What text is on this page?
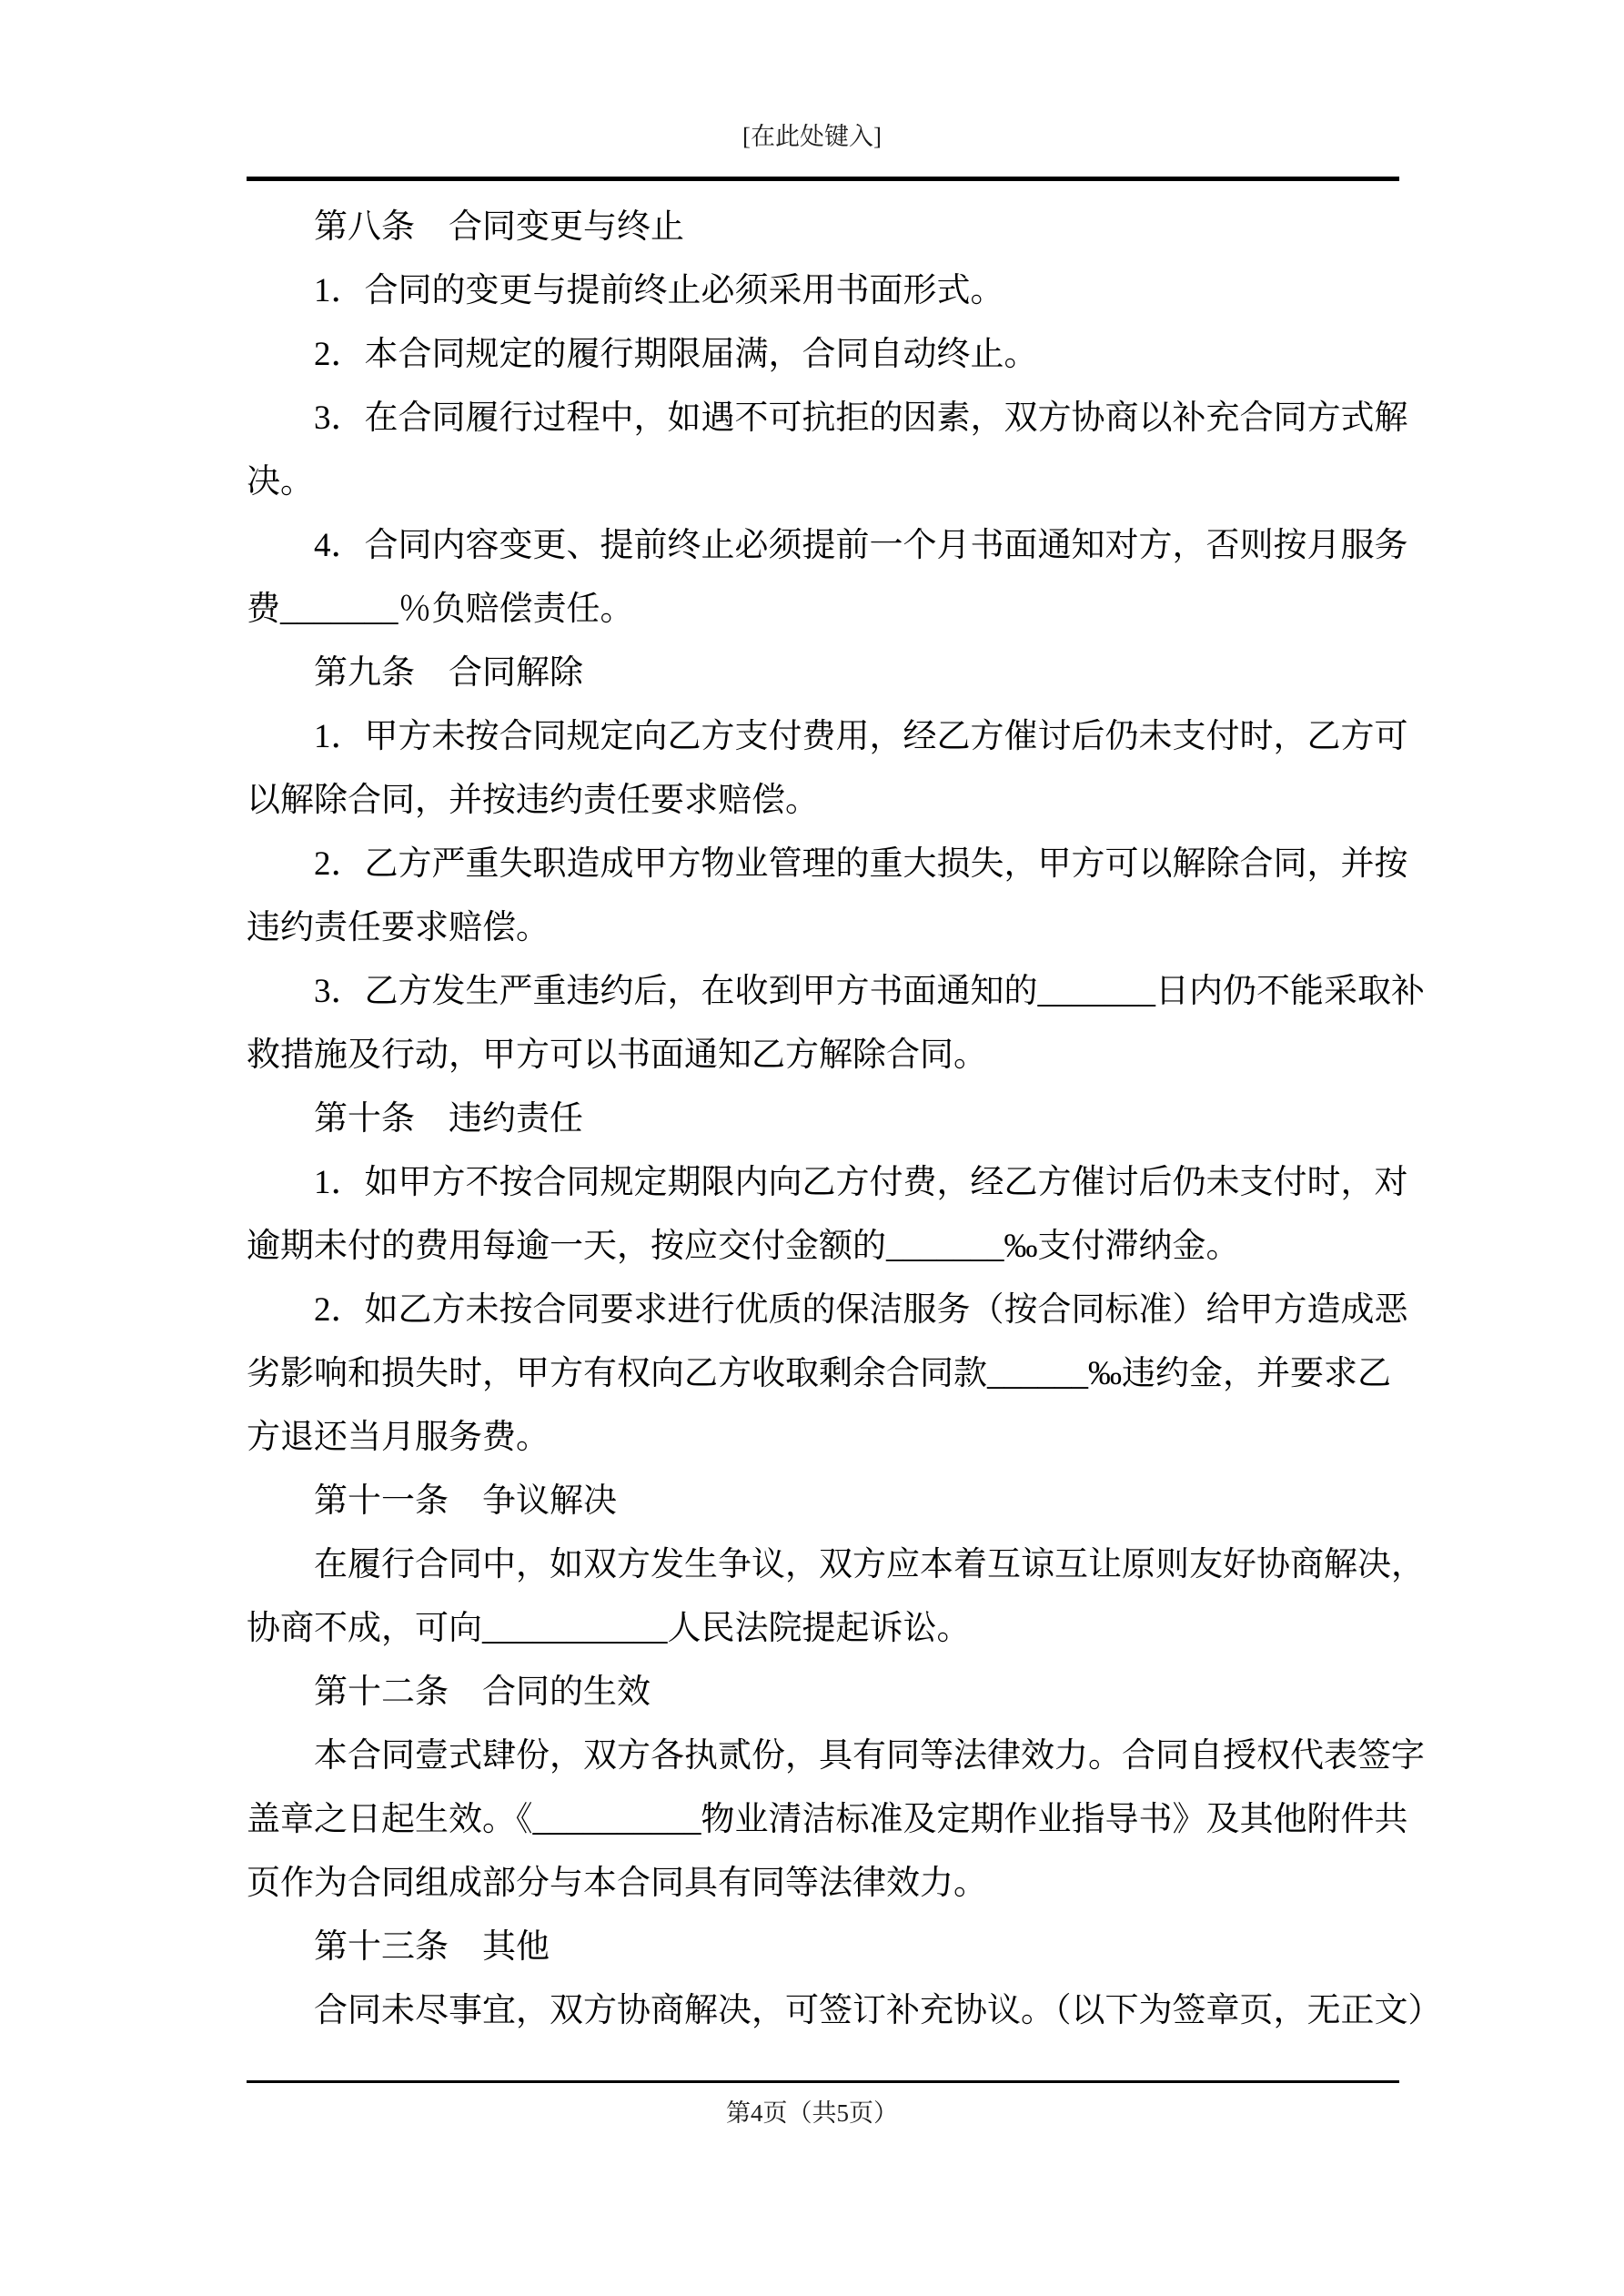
[在此处键入]
第八条　合同变更与终止
1．合同的变更与提前终止必须采用书面形式。
2．本合同规定的履行期限届满，合同自动终止。
3．在合同履行过程中，如遇不可抗拒的因素，双方协商以补充合同方式解
决。
4．合同内容变更、提前终止必须提前一个月书面通知对方，否则按月服务
费_______％负赔偿责任。
第九条　合同解除
1．甲方未按合同规定向乙方支付费用，经乙方催讨后仍未支付时，乙方可
以解除合同，并按违约责任要求赔偿。
2．乙方严重失职造成甲方物业管理的重大损失，甲方可以解除合同，并按
违约责任要求赔偿。
3．乙方发生严重违约后，在收到甲方书面通知的_______日内仍不能采取补
救措施及行动，甲方可以书面通知乙方解除合同。
第十条　违约责任
1．如甲方不按合同规定期限内向乙方付费，经乙方催讨后仍未支付时，对
逾期未付的费用每逾一天，按应交付金额的_______‰支付滞纳金。
2．如乙方未按合同要求进行优质的保洁服务（按合同标准）给甲方造成恶
劣影响和损失时，甲方有权向乙方收取剩余合同款______‰违约金，并要求乙
方退还当月服务费。
第十一条　争议解决
在履行合同中，如双方发生争议，双方应本着互谅互让原则友好协商解决，
协商不成，可向___________人民法院提起诉讼。
第十二条　合同的生效
本合同壹式肆份，双方各执贰份，具有同等法律效力。合同自授权代表签字
盖章之日起生效。《__________物业清洁标准及定期作业指导书》及其他附件共
页作为合同组成部分与本合同具有同等法律效力。
第十三条　其他
合同未尽事宜，双方协商解决，可签订补充协议。（以下为签章页，无正文）
第4页（共5页）
